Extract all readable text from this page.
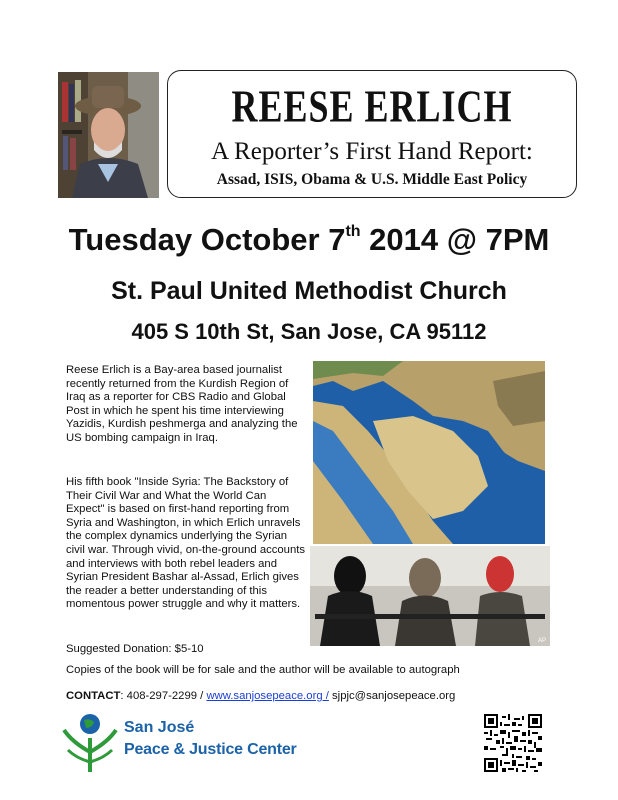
REESE ERLICH
A Reporter’s First Hand Report:
Assad, ISIS, Obama & U.S. Middle East Policy
Tuesday October 7th 2014 @ 7PM
St. Paul United Methodist Church
405 S 10th St, San Jose, CA 95112
Reese Erlich is a Bay-area based journalist recently returned from the Kurdish Region of Iraq as a reporter for CBS Radio and Global Post in which he spent his time interviewing Yazidis, Kurdish peshmerga and analyzing the US bombing campaign in Iraq.
His fifth book "Inside Syria: The Backstory of Their Civil War and What the World Can Expect" is based on first-hand reporting from Syria and Washington, in which Erlich unravels the complex dynamics underlying the Syrian civil war. Through vivid, on-the-ground accounts and interviews with both rebel leaders and Syrian President Bashar al-Assad, Erlich gives the reader a better understanding of this momentous power struggle and why it matters.
Suggested Donation: $5-10
Copies of the book will be for sale and the author will be available to autograph
CONTACT: 408-297-2299 / www.sanjosepeace.org / sjpjc@sanjosepeace.org
AP
San José
Peace & Justice Center
